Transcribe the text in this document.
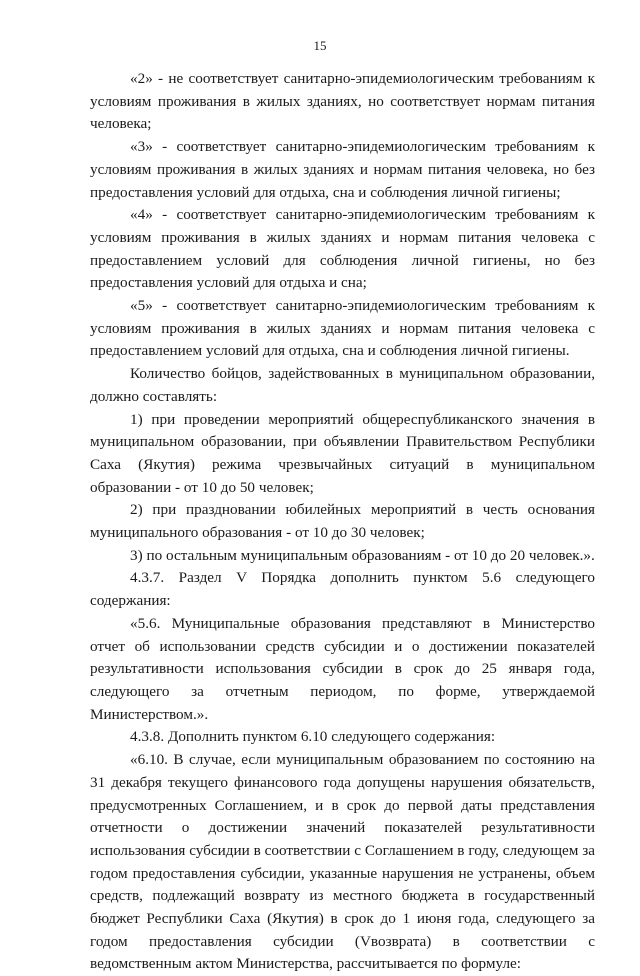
15

«2» - не соответствует санитарно-эпидемиологическим требованиям к условиям проживания в жилых зданиях, но соответствует нормам питания человека;

«3» - соответствует санитарно-эпидемиологическим требованиям к условиям проживания в жилых зданиях и нормам питания человека, но без предоставления условий для отдыха, сна и соблюдения личной гигиены;

«4» - соответствует санитарно-эпидемиологическим требованиям к условиям проживания в жилых зданиях и нормам питания человека с предоставлением условий для соблюдения личной гигиены, но без предоставления условий для отдыха и сна;

«5» - соответствует санитарно-эпидемиологическим требованиям к условиям проживания в жилых зданиях и нормам питания человека с предоставлением условий для отдыха, сна и соблюдения личной гигиены.

Количество бойцов, задействованных в муниципальном образовании, должно составлять:

1) при проведении мероприятий общереспубликанского значения в муниципальном образовании, при объявлении Правительством Республики Саха (Якутия) режима чрезвычайных ситуаций в муниципальном образовании - от 10 до 50 человек;

2) при праздновании юбилейных мероприятий в честь основания муниципального образования - от 10 до 30 человек;

3) по остальным муниципальным образованиям - от 10 до 20 человек.».

4.3.7. Раздел V Порядка дополнить пунктом 5.6 следующего содержания:

«5.6. Муниципальные образования представляют в Министерство отчет об использовании средств субсидии и о достижении показателей результативности использования субсидии в срок до 25 января года, следующего за отчетным периодом, по форме, утверждаемой Министерством.».

4.3.8. Дополнить пунктом 6.10 следующего содержания:

«6.10. В случае, если муниципальным образованием по состоянию на 31 декабря текущего финансового года допущены нарушения обязательств, предусмотренных Соглашением, и в срок до первой даты представления отчетности о достижении значений показателей результативности использования субсидии в соответствии с Соглашением в году, следующем за годом предоставления субсидии, указанные нарушения не устранены, объем средств, подлежащий возврату из местного бюджета в государственный бюджет Республики Саха (Якутия) в срок до 1 июня года, следующего за годом предоставления субсидии (Vвозврата) в соответствии с ведомственным актом Министерства, рассчитывается по формуле:
